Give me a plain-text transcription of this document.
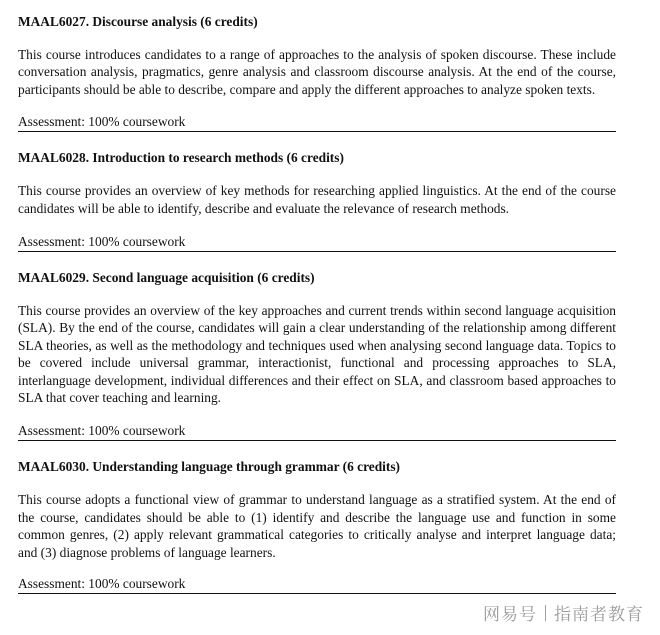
MAAL6027. Discourse analysis (6 credits)

This course introduces candidates to a range of approaches to the analysis of spoken discourse. These include conversation analysis, pragmatics, genre analysis and classroom discourse analysis. At the end of the course, participants should be able to describe, compare and apply the different approaches to analyze spoken texts.

Assessment: 100% coursework

MAAL6028. Introduction to research methods (6 credits)

This course provides an overview of key methods for researching applied linguistics. At the end of the course candidates will be able to identify, describe and evaluate the relevance of research methods.

Assessment: 100% coursework

MAAL6029. Second language acquisition (6 credits)

This course provides an overview of the key approaches and current trends within second language acquisition (SLA). By the end of the course, candidates will gain a clear understanding of the relationship among different SLA theories, as well as the methodology and techniques used when analysing second language data. Topics to be covered include universal grammar, interactionist, functional and processing approaches to SLA, interlanguage development, individual differences and their effect on SLA, and classroom based approaches to SLA that cover teaching and learning.

Assessment: 100% coursework

MAAL6030. Understanding language through grammar (6 credits)

This course adopts a functional view of grammar to understand language as a stratified system. At the end of the course, candidates should be able to (1) identify and describe the language use and function in some common genres, (2) apply relevant grammatical categories to critically analyse and interpret language data; and (3) diagnose problems of language learners.

Assessment: 100% coursework

网易号 指南者教育
